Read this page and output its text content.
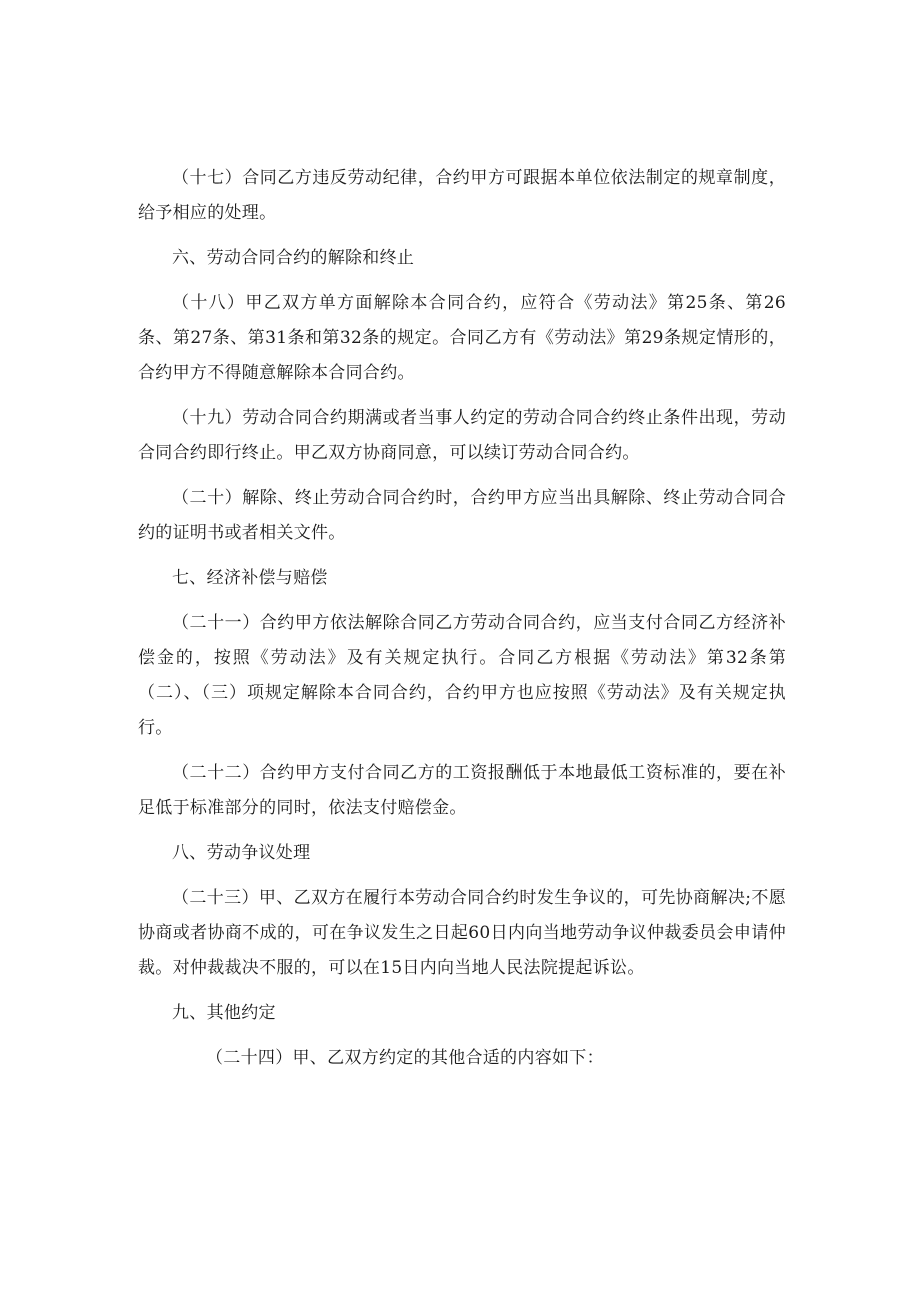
（十七）合同乙方违反劳动纪律，合约甲方可跟据本单位依法制定的规章制度，给予相应的处理。

六、劳动合同合约的解除和终止

（十八）甲乙双方单方面解除本合同合约，应符合《劳动法》第25条、第26条、第27条、第31条和第32条的规定。合同乙方有《劳动法》第29条规定情形的，合约甲方不得随意解除本合同合约。

（十九）劳动合同合约期满或者当事人约定的劳动合同合约终止条件出现，劳动合同合约即行终止。甲乙双方协商同意，可以续订劳动合同合约。

（二十）解除、终止劳动合同合约时，合约甲方应当出具解除、终止劳动合同合约的证明书或者相关文件。

七、经济补偿与赔偿

（二十一）合约甲方依法解除合同乙方劳动合同合约，应当支付合同乙方经济补偿金的，按照《劳动法》及有关规定执行。合同乙方根据《劳动法》第32条第（二）、（三）项规定解除本合同合约，合约甲方也应按照《劳动法》及有关规定执行。

（二十二）合约甲方支付合同乙方的工资报酬低于本地最低工资标准的，要在补足低于标准部分的同时，依法支付赔偿金。

八、劳动争议处理

（二十三）甲、乙双方在履行本劳动合同合约时发生争议的，可先协商解决;不愿协商或者协商不成的，可在争议发生之日起60日内向当地劳动争议仲裁委员会申请仲裁。对仲裁裁决不服的，可以在15日内向当地人民法院提起诉讼。

九、其他约定

（二十四）甲、乙双方约定的其他合适的内容如下：
